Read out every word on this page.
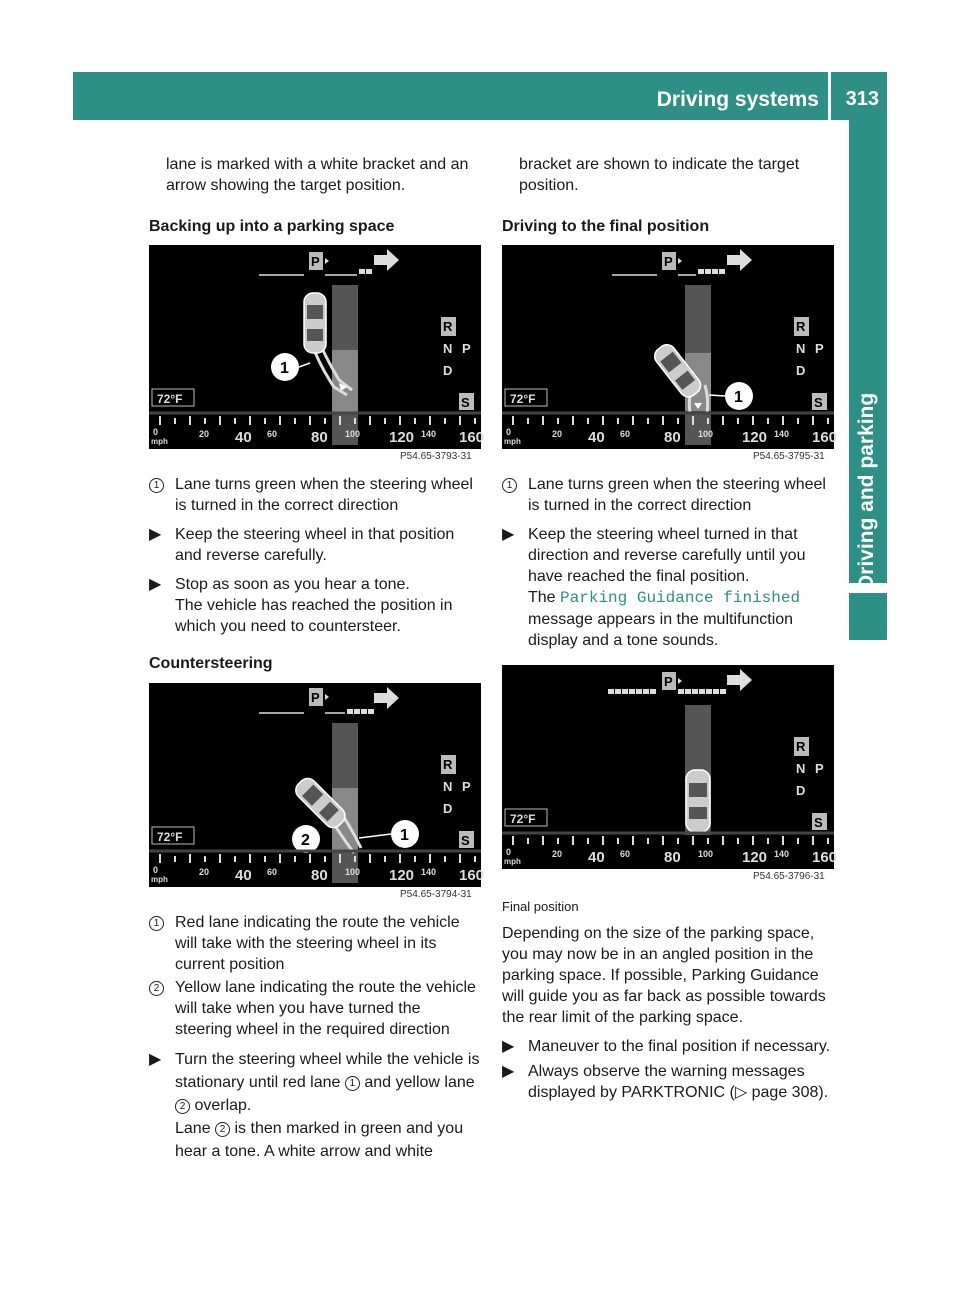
Driving systems 313
Driving and parking

lane is marked with a white bracket and an arrow showing the target position.

Backing up into a parking space

P
1
R
N
D
P
S
72°F
0	20 40 60 80 100 120 140 160
mph
P54.65-3793-31
1 Lane turns green when the steering wheel is turned in the correct direction
▶ Keep the steering wheel in that position and reverse carefully.
▶ Stop as soon as you hear a tone.
The vehicle has reached the position in which you need to countersteer.

Countersteering

P
2	1
R
N
D
P
S
72°F
0	20 40 60 80 100 120 140 160
mph
P54.65-3794-31
1 Red lane indicating the route the vehicle will take with the steering wheel in its current position
2 Yellow lane indicating the route the vehicle will take when you have turned the steering wheel in the required direction
▶ Turn the steering wheel while the vehicle is stationary until red lane 1 and yellow lane 2 overlap.
Lane 2 is then marked in green and you hear a tone. A white arrow and white

bracket are shown to indicate the target position.

Driving to the final position

P
1
R
N
D
P
S
72°F
0	20 40 60 80 100 120 140 160
mph
P54.65-3795-31
1 Lane turns green when the steering wheel is turned in the correct direction
▶ Keep the steering wheel turned in that direction and reverse carefully until you have reached the final position.
The Parking Guidance finished
message appears in the multifunction display and a tone sounds.
P
R
N
D
P
S
72°F
0	20 40 60 80 100 120 140 160
mph
P54.65-3796-31

Final position

Depending on the size of the parking space, you may now be in an angled position in the parking space. If possible, Parking Guidance will guide you as far back as possible towards the rear limit of the parking space.

▶ Maneuver to the final position if necessary.
▶ Always observe the warning messages displayed by PARKTRONIC (▷ page 308).
